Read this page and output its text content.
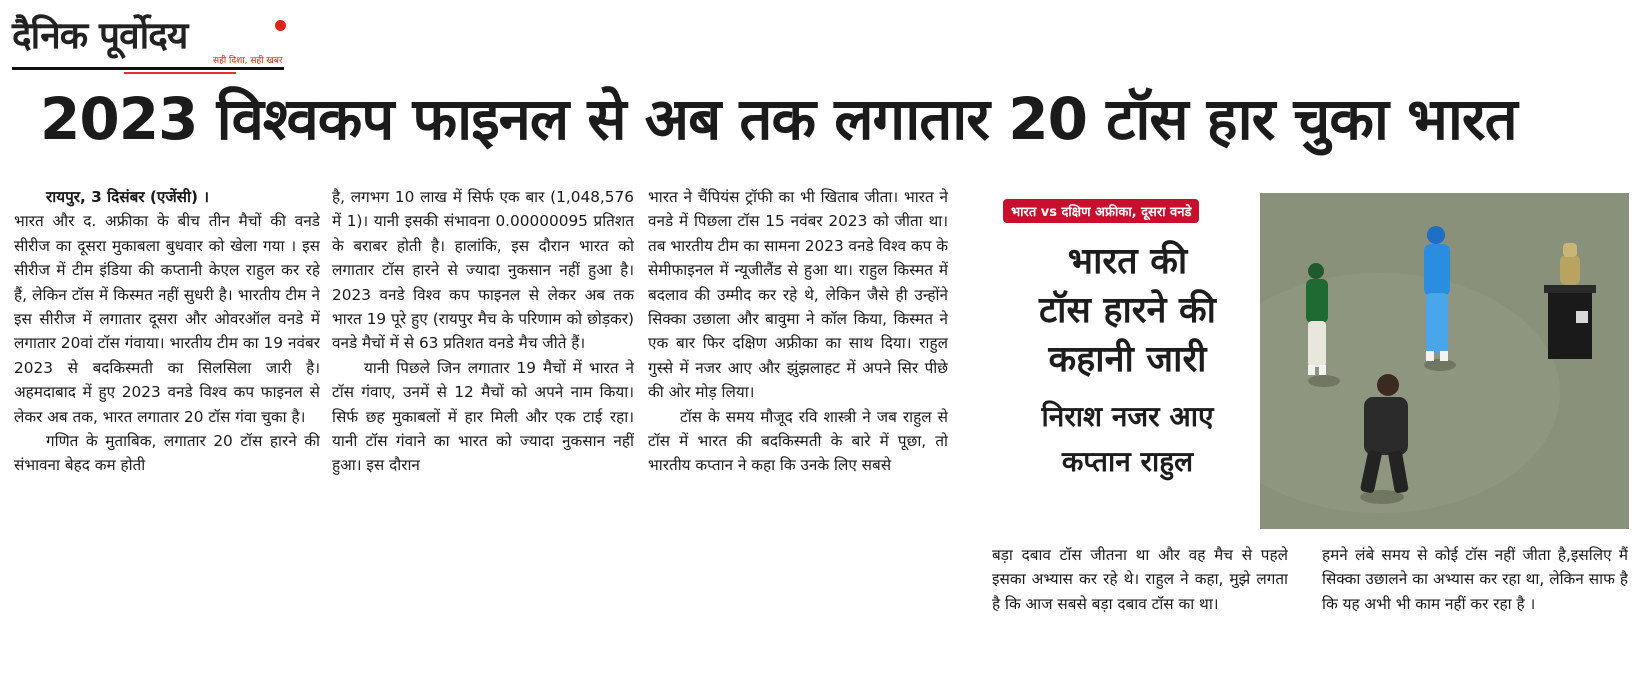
दैनिक पूर्वोदय
सही दिशा, सही खबर
2023 विश्वकप फाइनल से अब तक लगातार 20 टॉस हार चुका भारत

रायपुर, 3 दिसंबर (एजेंसी) ।

भारत और द. अफ्रीका के बीच तीन मैचों की वनडे सीरीज का दूसरा मुकाबला बुधवार को खेला गया । इस सीरीज में टीम इंडिया की कप्तानी केएल राहुल कर रहे हैं, लेकिन टॉस में किस्मत नहीं सुधरी है। भारतीय टीम ने इस सीरीज में लगातार दूसरा और ओवरऑल वनडे में लगातार 20वां टॉस गंवाया। भारतीय टीम का 19 नवंबर 2023 से बदकिस्मती का सिलसिला जारी है। अहमदाबाद में हुए 2023 वनडे विश्व कप फाइनल से लेकर अब तक, भारत लगातार 20 टॉस गंवा चुका है।

गणित के मुताबिक, लगातार 20 टॉस हारने की संभावना बेहद कम होती

है, लगभग 10 लाख में सिर्फ एक बार (1,048,576 में 1)। यानी इसकी संभावना 0.00000095 प्रतिशत के बराबर होती है। हालांकि, इस दौरान भारत को लगातार टॉस हारने से ज्यादा नुकसान नहीं हुआ है। 2023 वनडे विश्व कप फाइनल से लेकर अब तक भारत 19 पूरे हुए (रायपुर मैच के परिणाम को छोड़कर) वनडे मैचों में से 63 प्रतिशत वनडे मैच जीते हैं।

यानी पिछले जिन लगातार 19 मैचों में भारत ने टॉस गंवाए, उनमें से 12 मैचों को अपने नाम किया। सिर्फ छह मुकाबलों में हार मिली और एक टाई रहा। यानी टॉस गंवाने का भारत को ज्यादा नुकसान नहीं हुआ। इस दौरान

भारत ने चैंपियंस ट्रॉफी का भी खिताब जीता। भारत ने वनडे में पिछला टॉस 15 नवंबर 2023 को जीता था। तब भारतीय टीम का सामना 2023 वनडे विश्व कप के सेमीफाइनल में न्यूजीलैंड से हुआ था। राहुल किस्मत में बदलाव की उम्मीद कर रहे थे, लेकिन जैसे ही उन्होंने सिक्का उछाला और बावुमा ने कॉल किया, किस्मत ने एक बार फिर दक्षिण अफ्रीका का साथ दिया। राहुल गुस्से में नजर आए और झुंझलाहट में अपने सिर पीछे की ओर मोड़ लिया।

टॉस के समय मौजूद रवि शास्त्री ने जब राहुल से टॉस में भारत की बदकिस्मती के बारे में पूछा, तो भारतीय कप्तान ने कहा कि उनके लिए सबसे

भारत vs दक्षिण अफ्रीका, दूसरा वनडे
भारत की
टॉस हारने की
कहानी जारी
निराश नजर आए
कप्तान राहुल

बड़ा दबाव टॉस जीतना था और वह मैच से पहले इसका अभ्यास कर रहे थे। राहुल ने कहा, मुझे लगता है कि आज सबसे बड़ा दबाव टॉस का था।

हमने लंबे समय से कोई टॉस नहीं जीता है,इसलिए मैं सिक्का उछालने का अभ्यास कर रहा था, लेकिन साफ है कि यह अभी भी काम नहीं कर रहा है ।
